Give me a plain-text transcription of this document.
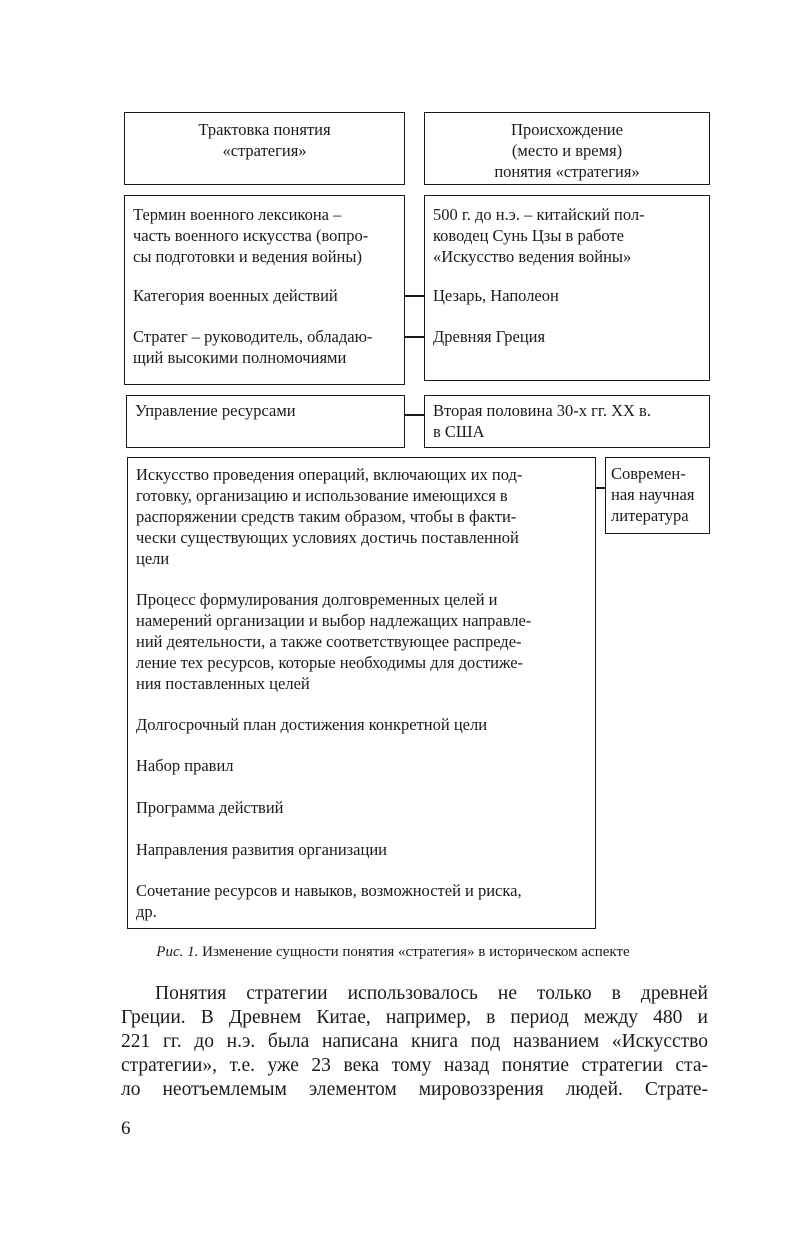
Трактовка понятия
«стратегия»
Происхождение
(место и время)
понятия «стратегия»
Термин военного лексикона –
часть военного искусства (вопро-
сы подготовки и ведения войны)
Категория военных действий
Стратег – руководитель, обладаю-
щий высокими полномочиями
500 г. до н.э. – китайский пол-
ководец Сунь Цзы в работе
«Искусство ведения войны»
Цезарь, Наполеон
Древняя Греция
Управление ресурсами	Вторая половина 30-х гг. XX в.
в США
Искусство проведения операций, включающих их под-
готовку, организацию и использование имеющихся в
распоряжении средств таким образом, чтобы в факти-
чески существующих условиях достичь поставленной
цели
Процесс формулирования долговременных целей и
намерений организации и выбор надлежащих направле-
ний деятельности, а также соответствующее распреде-
ление тех ресурсов, которые необходимы для достиже-
ния поставленных целей
Долгосрочный план достижения конкретной цели
Набор правил
Программа действий
Направления развития организации
Сочетание ресурсов и навыков, возможностей и риска,
др.
Современ-
ная научная
литература
Рис. 1. Изменение сущности понятия «стратегия» в историческом аспекте
Понятия стратегии использовалось не только в древней
Греции. В Древнем Китае, например, в период между 480 и
221 гг. до н.э. была написана книга под названием «Искусство
стратегии», т.е. уже 23 века тому назад понятие стратегии ста-
ло неотъемлемым элементом мировоззрения людей. Страте-
6
